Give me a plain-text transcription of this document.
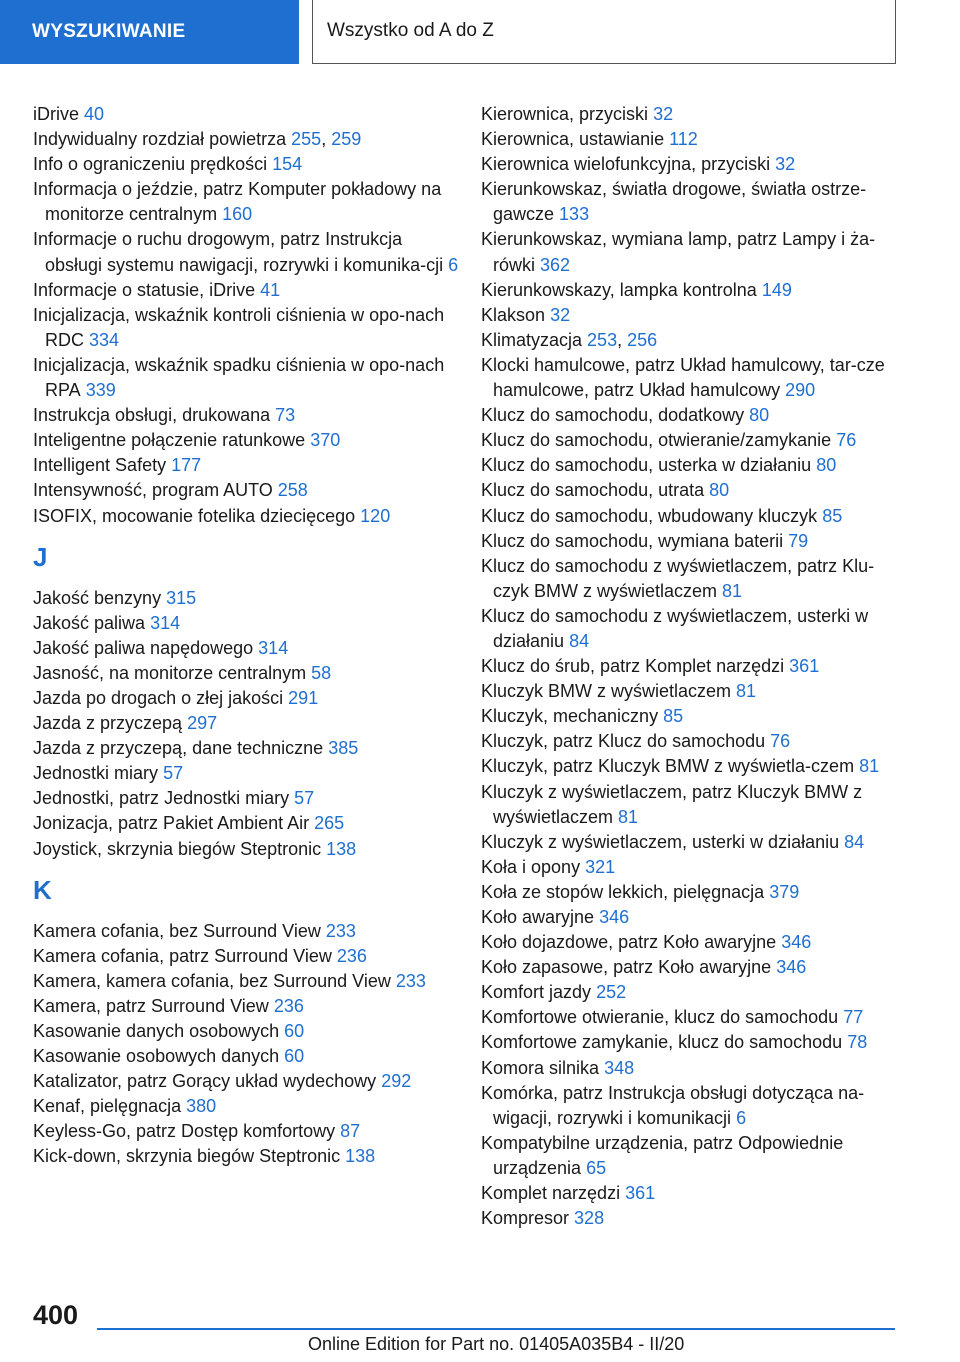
WYSZUKIWANIE	Wszystko od A do Z
iDrive 40
Indywidualny rozdział powietrza 255, 259
Info o ograniczeniu prędkości 154
Informacja o jeździe, patrz Komputer pokładowy na monitorze centralnym 160
Informacje o ruchu drogowym, patrz Instrukcja obsługi systemu nawigacji, rozrywki i komunika‐cji 6
Informacje o statusie, iDrive 41
Inicjalizacja, wskaźnik kontroli ciśnienia w opo‐nach RDC 334
Inicjalizacja, wskaźnik spadku ciśnienia w opo‐nach RPA 339
Instrukcja obsługi, drukowana 73
Inteligentne połączenie ratunkowe 370
Intelligent Safety 177
Intensywność, program AUTO 258
ISOFIX, mocowanie fotelika dziecięcego 120
J
Jakość benzyny 315
Jakość paliwa 314
Jakość paliwa napędowego 314
Jasność, na monitorze centralnym 58
Jazda po drogach o złej jakości 291
Jazda z przyczepą 297
Jazda z przyczepą, dane techniczne 385
Jednostki miary 57
Jednostki, patrz Jednostki miary 57
Jonizacja, patrz Pakiet Ambient Air 265
Joystick, skrzynia biegów Steptronic 138
K
Kamera cofania, bez Surround View 233
Kamera cofania, patrz Surround View 236
Kamera, kamera cofania, bez Surround View 233
Kamera, patrz Surround View 236
Kasowanie danych osobowych 60
Kasowanie osobowych danych 60
Katalizator, patrz Gorący układ wydechowy 292
Kenaf, pielęgnacja 380
Keyless-Go, patrz Dostęp komfortowy 87
Kick-down, skrzynia biegów Steptronic 138
Kierownica, przyciski 32
Kierownica, ustawianie 112
Kierownica wielofunkcyjna, przyciski 32
Kierunkowskaz, światła drogowe, światła ostrze‐gawcze 133
Kierunkowskaz, wymiana lamp, patrz Lampy i ża‐rówki 362
Kierunkowskazy, lampka kontrolna 149
Klakson 32
Klimatyzacja 253, 256
Klocki hamulcowe, patrz Układ hamulcowy, tar‐cze hamulcowe, patrz Układ hamulcowy 290
Klucz do samochodu, dodatkowy 80
Klucz do samochodu, otwieranie/zamykanie 76
Klucz do samochodu, usterka w działaniu 80
Klucz do samochodu, utrata 80
Klucz do samochodu, wbudowany kluczyk 85
Klucz do samochodu, wymiana baterii 79
Klucz do samochodu z wyświetlaczem, patrz Klu‐czyk BMW z wyświetlaczem 81
Klucz do samochodu z wyświetlaczem, usterki w działaniu 84
Klucz do śrub, patrz Komplet narzędzi 361
Kluczyk BMW z wyświetlaczem 81
Kluczyk, mechaniczny 85
Kluczyk, patrz Klucz do samochodu 76
Kluczyk, patrz Kluczyk BMW z wyświetla‐czem 81
Kluczyk z wyświetlaczem, patrz Kluczyk BMW z wyświetlaczem 81
Kluczyk z wyświetlaczem, usterki w działaniu 84
Koła i opony 321
Koła ze stopów lekkich, pielęgnacja 379
Koło awaryjne 346
Koło dojazdowe, patrz Koło awaryjne 346
Koło zapasowe, patrz Koło awaryjne 346
Komfort jazdy 252
Komfortowe otwieranie, klucz do samochodu 77
Komfortowe zamykanie, klucz do samochodu 78
Komora silnika 348
Komórka, patrz Instrukcja obsługi dotycząca na‐wigacji, rozrywki i komunikacji 6
Kompatybilne urządzenia, patrz Odpowiednie urządzenia 65
Komplet narzędzi 361
Kompresor 328
400
Online Edition for Part no. 01405A035B4 - II/20
